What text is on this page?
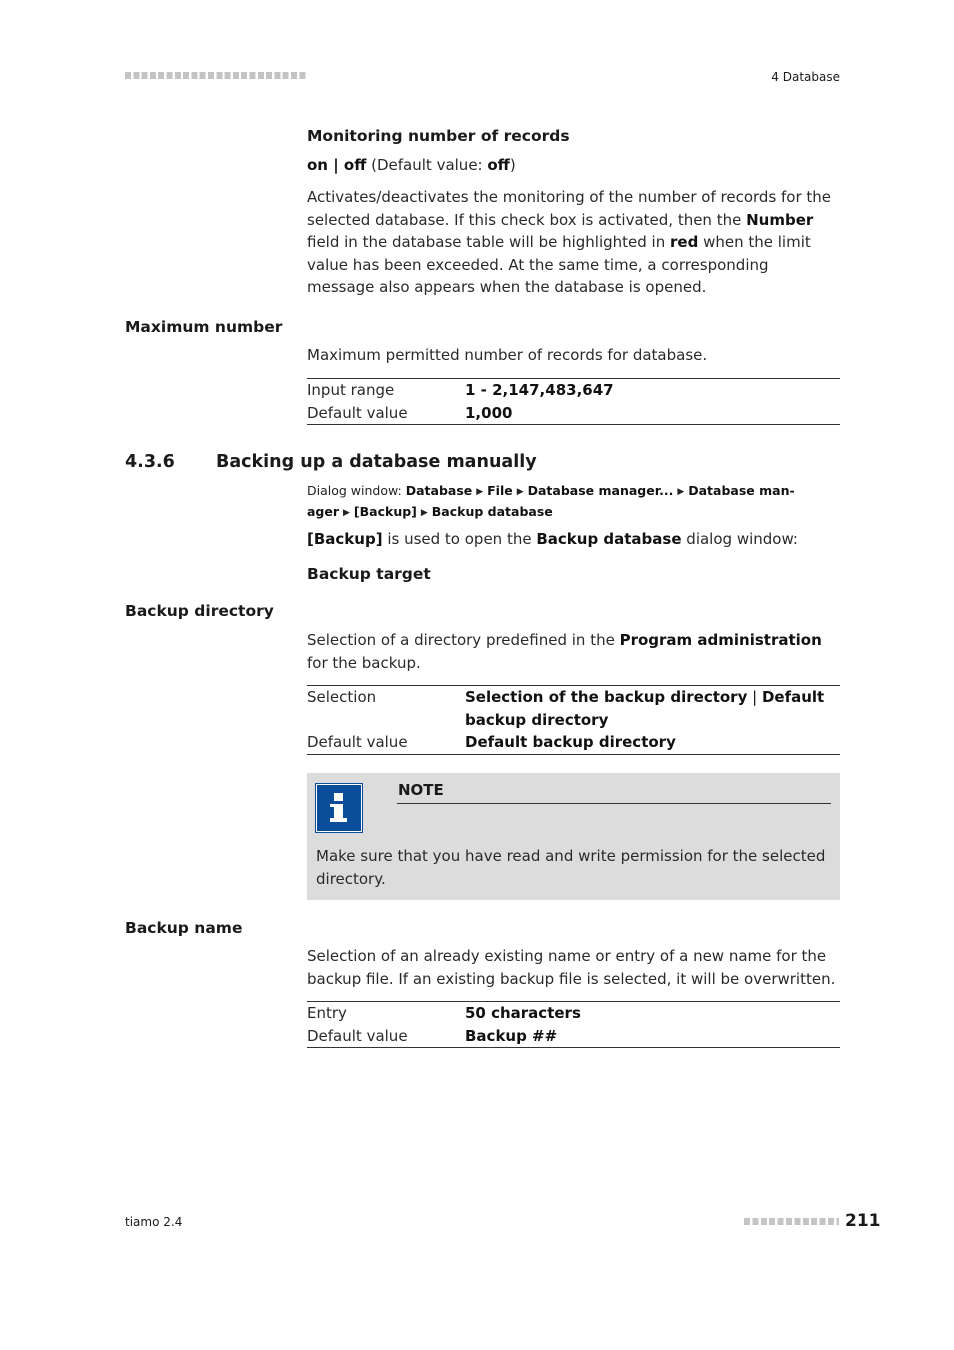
4 Database
Monitoring number of records
on | off (Default value: off)
Activates/deactivates the monitoring of the number of records for the selected database. If this check box is activated, then the Number field in the database table will be highlighted in red when the limit value has been exceeded. At the same time, a corresponding message also appears when the database is opened.
Maximum number
Maximum permitted number of records for database.
Input range	1 - 2,147,483,647
Default value	1,000
4.3.6 Backing up a database manually
Dialog window: Database ▶ File ▶ Database manager... ▶ Database man-
ager ▶ [Backup] ▶ Backup database
[Backup] is used to open the Backup database dialog window:
Backup target
Backup directory
Selection of a directory predefined in the Program administration for the backup.
Selection	Selection of the backup directory | Default backup directory
Default value	Default backup directory
NOTE
Make sure that you have read and write permission for the selected directory.
Backup name
Selection of an already existing name or entry of a new name for the backup file. If an existing backup file is selected, it will be overwritten.
Entry	50 characters
Default value	Backup ##
tiamo 2.4	211
